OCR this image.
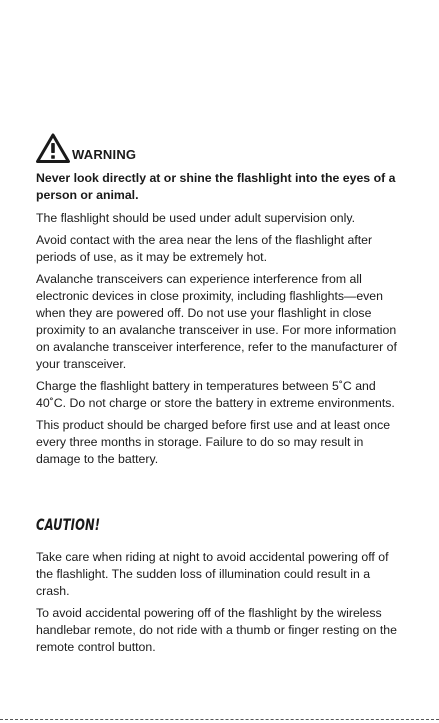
WARNING

Never look directly at or shine the flashlight into the eyes of a person or animal.

The flashlight should be used under adult supervision only.

Avoid contact with the area near the lens of the flashlight after periods of use, as it may be extremely hot.

Avalanche transceivers can experience interference from all electronic devices in close proximity, including flashlights—even when they are powered off. Do not use your flashlight in close proximity to an avalanche transceiver in use. For more information on avalanche transceiver interference, refer to the manufacturer of your transceiver.

Charge the flashlight battery in temperatures between 5˚C and 40˚C. Do not charge or store the battery in extreme environments.

This product should be charged before first use and at least once every three months in storage. Failure to do so may result in damage to the battery.

CAUTION!

Take care when riding at night to avoid accidental powering off of the flashlight. The sudden loss of illumination could result in a crash.

To avoid accidental powering off of the flashlight by the wireless handlebar remote, do not ride with a thumb or finger resting on the remote control button.
